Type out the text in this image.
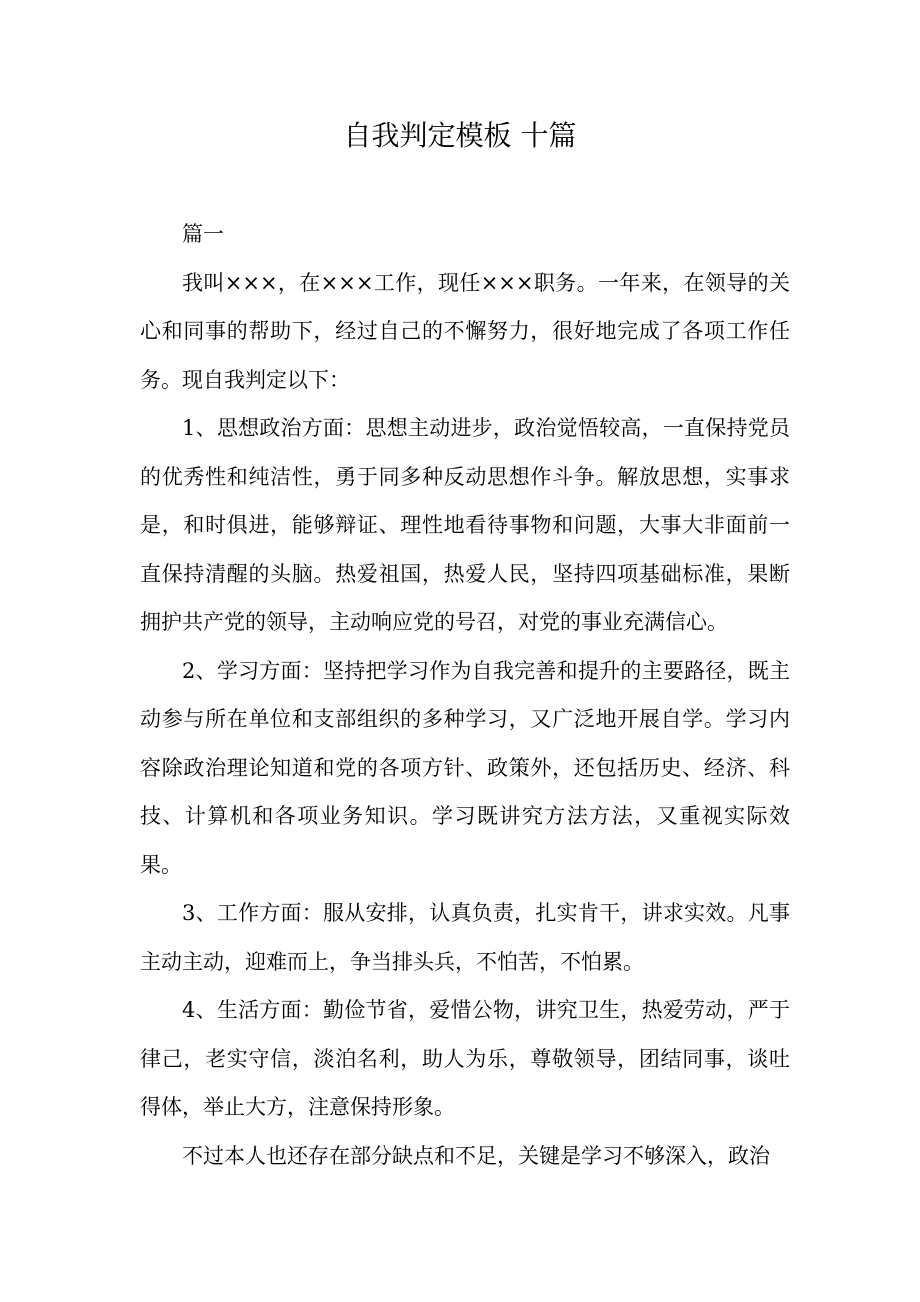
自我判定模板 十篇

篇一

我叫×××，在×××工作，现任×××职务。一年来，在领导的关心和同事的帮助下，经过自己的不懈努力，很好地完成了各项工作任务。现自我判定以下：

1、思想政治方面：思想主动进步，政治觉悟较高，一直保持党员的优秀性和纯洁性，勇于同多种反动思想作斗争。解放思想，实事求是，和时俱进，能够辩证、理性地看待事物和问题，大事大非面前一直保持清醒的头脑。热爱祖国，热爱人民，坚持四项基础标准，果断拥护共产党的领导，主动响应党的号召，对党的事业充满信心。

2、学习方面：坚持把学习作为自我完善和提升的主要路径，既主动参与所在单位和支部组织的多种学习，又广泛地开展自学。学习内容除政治理论知道和党的各项方针、政策外，还包括历史、经济、科技、计算机和各项业务知识。学习既讲究方法方法，又重视实际效果。

3、工作方面：服从安排，认真负责，扎实肯干，讲求实效。凡事主动主动，迎难而上，争当排头兵，不怕苦，不怕累。

4、生活方面：勤俭节省，爱惜公物，讲究卫生，热爱劳动，严于律己，老实守信，淡泊名利，助人为乐，尊敬领导，团结同事，谈吐得体，举止大方，注意保持形象。

不过本人也还存在部分缺点和不足，关键是学习不够深入，政治
